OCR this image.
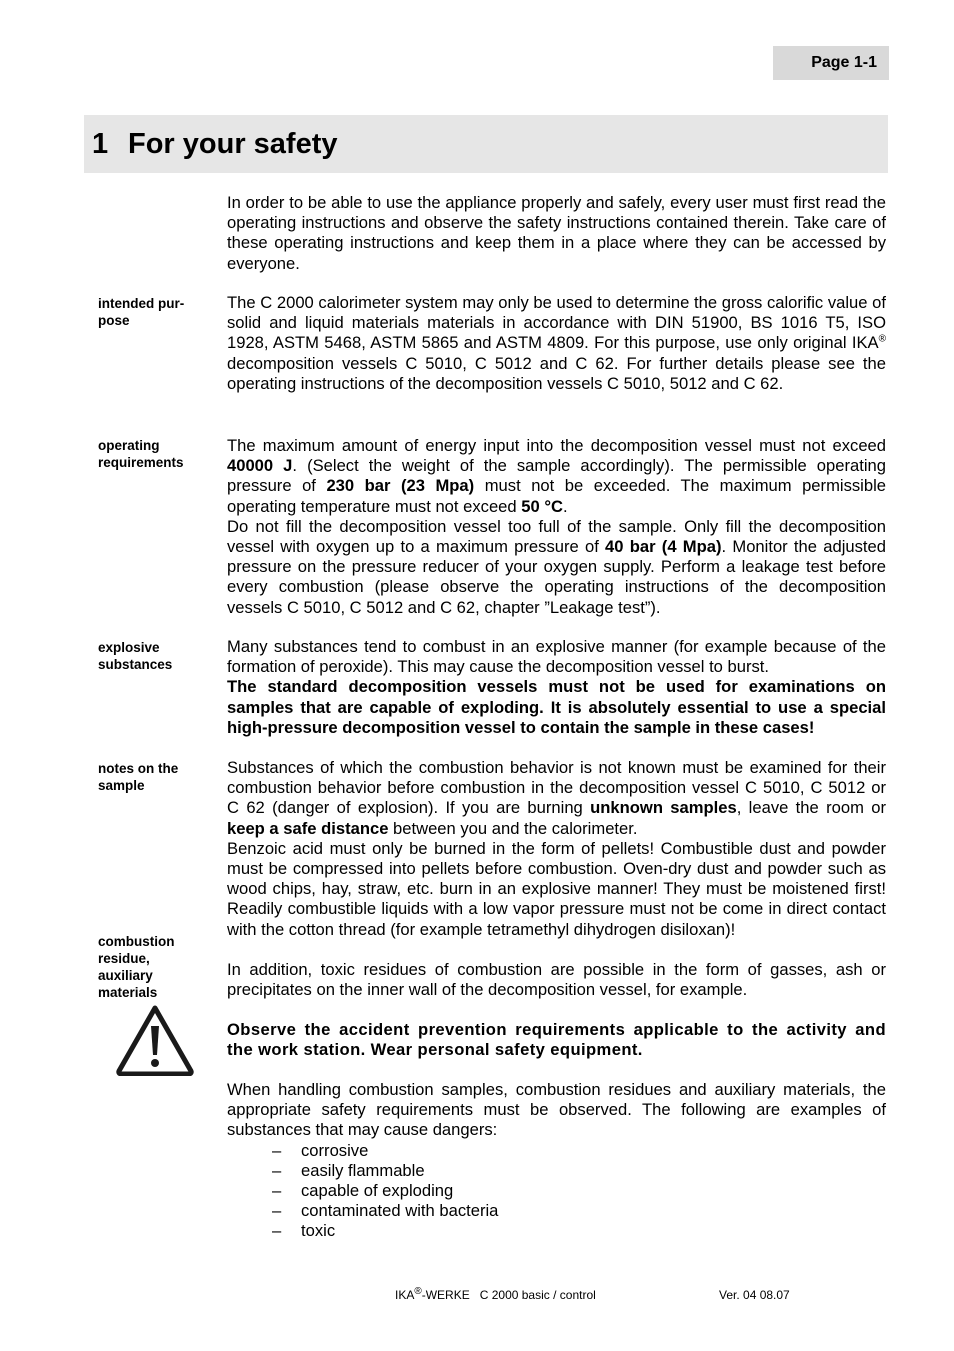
Page 1-1
1 For your safety

In order to be able to use the appliance properly and safely, every user must first read the operating instructions and observe the safety instructions contained therein. Take care of these operating instructions and keep them in a place where they can be accessed by everyone.

intended pur-pose

The C 2000 calorimeter system may only be used to determine the gross calorific value of solid and liquid materials materials in accordance with DIN 51900, BS 1016 T5, ISO 1928, ASTM 5468, ASTM 5865 and ASTM 4809. For this purpose, use only original IKA® decomposition vessels C 5010, C 5012 and C 62. For further details please see the operating instructions of the decomposition vessels C 5010, 5012 and C 62.

operating requirements

The maximum amount of energy input into the decomposition vessel must not exceed 40000 J. (Select the weight of the sample accordingly). The permissible operating pressure of 230 bar (23 Mpa) must not be exceeded. The maximum permissible operating temperature must not exceed 50 °C.

Do not fill the decomposition vessel too full of the sample. Only fill the decomposition vessel with oxygen up to a maximum pressure of 40 bar (4 Mpa). Monitor the adjusted pressure on the pressure reducer of your oxygen supply. Perform a leakage test before every combustion (please observe the operating instructions of the decomposition vessels C 5010, C 5012 and C 62, chapter ”Leakage test”).

explosive substances

Many substances tend to combust in an explosive manner (for example because of the formation of peroxide). This may cause the decomposition vessel to burst.

The standard decomposition vessels must not be used for examinations on samples that are capable of exploding. It is absolutely essential to use a special high-pressure decomposition vessel to contain the sample in these cases!

notes on the sample

Substances of which the combustion behavior is not known must be examined for their combustion behavior before combustion in the decomposition vessel C 5010, C 5012 or C 62 (danger of explosion). If you are burning unknown samples, leave the room or keep a safe distance between you and the calorimeter.

Benzoic acid must only be burned in the form of pellets! Combustible dust and powder must be compressed into pellets before combustion. Oven-dry dust and powder such as wood chips, hay, straw, etc. burn in an explosive manner! They must be moistened first! Readily combustible liquids with a low vapor pressure must not be come in direct contact with the cotton thread (for example tetramethyl dihydrogen disiloxan)!

combustion residue, auxiliary materials

In addition, toxic residues of combustion are possible in the form of gasses, ash or precipitates on the inner wall of the decomposition vessel, for example.

Observe the accident prevention requirements applicable to the activity and the work station. Wear personal safety equipment.

When handling combustion samples, combustion residues and auxiliary materials, the appropriate safety requirements must be observed. The following are examples of substances that may cause dangers:

– corrosive
– easily flammable
– capable of exploding
– contaminated with bacteria
– toxic
IKA®-WERKE   C 2000 basic / control	Ver. 04 08.07
